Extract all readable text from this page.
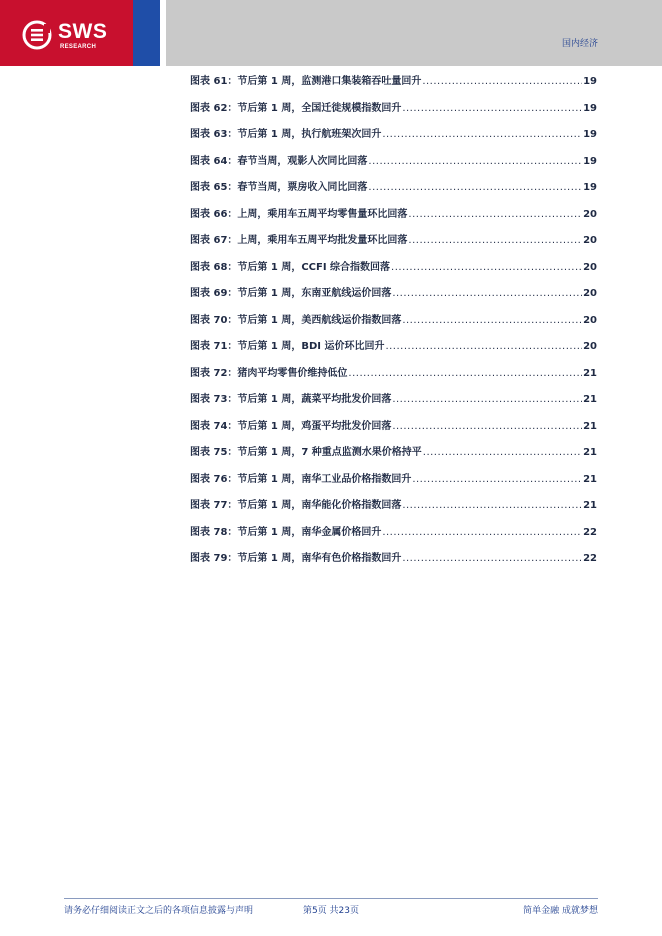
SWS
RESEARCH	国内经济
图表 61：节后第 1 周，监测港口集装箱吞吐量回升 .....	19
图表 62：节后第 1 周，全国迁徙规模指数回升 .....	19
图表 63：节后第 1 周，执行航班架次回升 .....	19
图表 64：春节当周，观影人次同比回落 .....	19
图表 65：春节当周，票房收入同比回落 .....	19
图表 66：上周，乘用车五周平均零售量环比回落 .....	20
图表 67：上周，乘用车五周平均批发量环比回落 .....	20
图表 68：节后第 1 周，CCFI 综合指数回落 .....	20
图表 69：节后第 1 周，东南亚航线运价回落 .....	20
图表 70：节后第 1 周，美西航线运价指数回落 .....	20
图表 71：节后第 1 周，BDI 运价环比回升 .....	20
图表 72：猪肉平均零售价维持低位 .....	21
图表 73：节后第 1 周，蔬菜平均批发价回落 .....	21
图表 74：节后第 1 周，鸡蛋平均批发价回落 .....	21
图表 75：节后第 1 周，7 种重点监测水果价格持平 .....	21
图表 76：节后第 1 周，南华工业品价格指数回升 .....	21
图表 77：节后第 1 周，南华能化价格指数回落 .....	21
图表 78：节后第 1 周，南华金属价格回升 .....	22
图表 79：节后第 1 周，南华有色价格指数回升 .....	22
请务必仔细阅读正文之后的各项信息披露与声明	第5页 共23页	简单金融 成就梦想
